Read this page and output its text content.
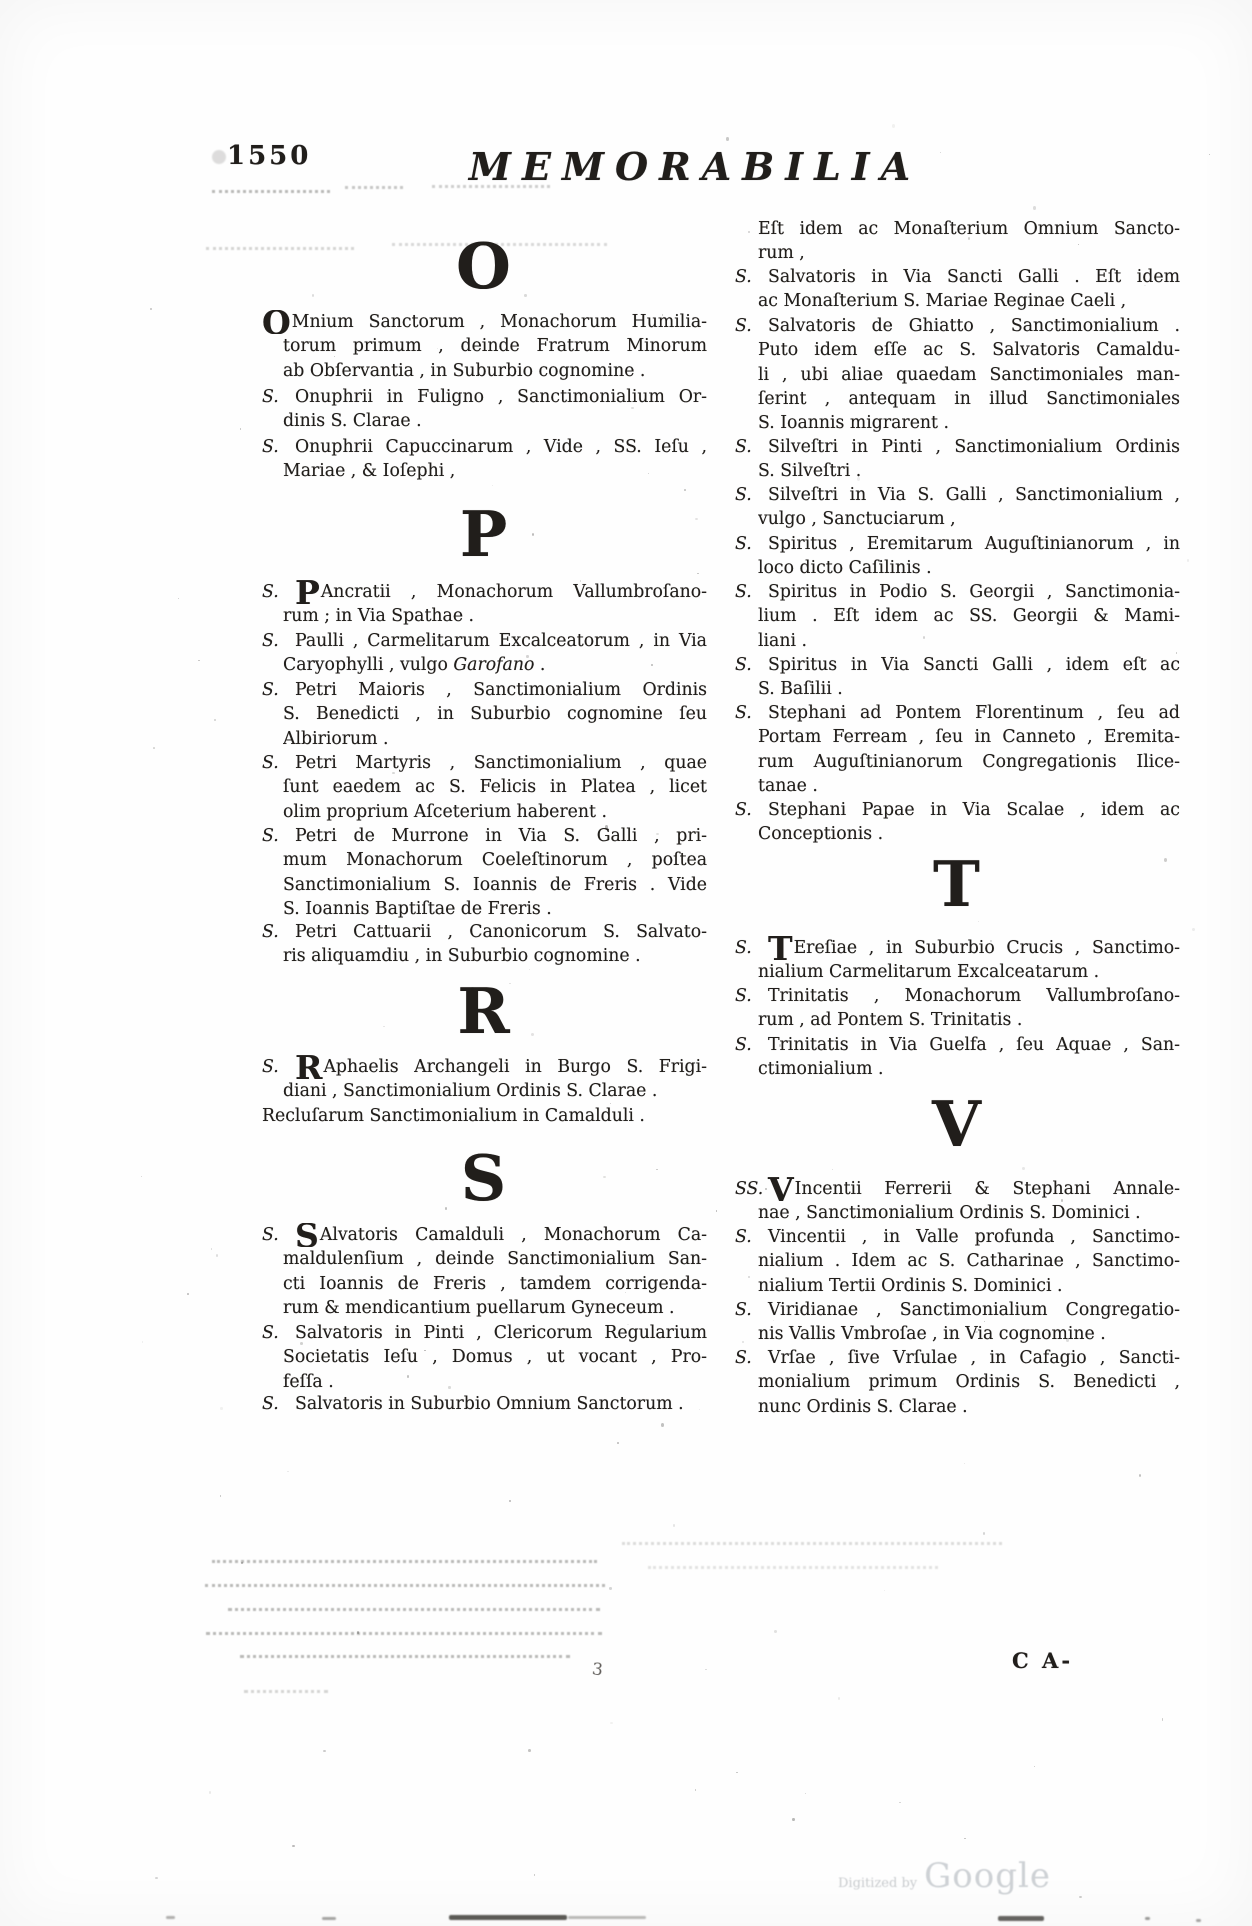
1550	MEMORABILIA
O
OMnium Sanctorum , Monachorum Humilia-
torum primum , deinde Fratrum Minorum
ab Obſervantia , in Suburbio cognomine .
S. Onuphrii in Fuligno , Sanctimonialium Or-
dinis S. Clarae .
S. Onuphrii Capuccinarum , Vide , SS. Ieſu ,
Mariae , & Ioſephi ,
P
S. PAncratii , Monachorum Vallumbroſano-
rum ; in Via Spathae .
S. Paulli , Carmelitarum Excalceatorum , in Via
Caryophylli , vulgo Garofano .
S. Petri Maioris , Sanctimonialium Ordinis
S. Benedicti , in Suburbio cognomine ſeu
Albiriorum .
S. Petri Martyris , Sanctimonialium , quae
ſunt eaedem ac S. Felicis in Platea , licet
olim proprium Aſceterium haberent .
S. Petri de Murrone in Via S. Galli , pri-
mum Monachorum Coeleſtinorum , poſtea
Sanctimonialium S. Ioannis de Freris . Vide
S. Ioannis Baptiſtae de Freris .
S. Petri Cattuarii , Canonicorum S. Salvato-
ris aliquamdiu , in Suburbio cognomine .
R
S. RAphaelis Archangeli in Burgo S. Frigi-
diani , Sanctimonialium Ordinis S. Clarae .
Recluſarum Sanctimonialium in Camalduli .
S
S. SAlvatoris Camalduli , Monachorum Ca-
maldulenſium , deinde Sanctimonialium San-
cti Ioannis de Freris , tamdem corrigenda-
rum & mendicantium puellarum Gyneceum .
S. Salvatoris in Pinti , Clericorum Regularium
Societatis Ieſu , Domus , ut vocant , Pro-
feſſa .
S. Salvatoris in Suburbio Omnium Sanctorum .
Eſt idem ac Monaſterium Omnium Sancto-
rum ,
S. Salvatoris in Via Sancti Galli . Eſt idem
ac Monaſterium S. Mariae Reginae Caeli ,
S. Salvatoris de Ghiatto , Sanctimonialium .
Puto idem eſſe ac S. Salvatoris Camaldu-
li , ubi aliae quaedam Sanctimoniales man-
ſerint , antequam in illud Sanctimoniales
S. Ioannis migrarent .
S. Silveſtri in Pinti , Sanctimonialium Ordinis
S. Silveſtri .
S. Silveſtri in Via S. Galli , Sanctimonialium ,
vulgo , Sanctuciarum ,
S. Spiritus , Eremitarum Auguſtinianorum , in
loco dicto Caſilinis .
S. Spiritus in Podio S. Georgii , Sanctimonia-
lium . Eſt idem ac SS. Georgii & Mami-
liani .
S. Spiritus in Via Sancti Galli , idem eſt ac
S. Baſilii .
S. Stephani ad Pontem Florentinum , ſeu ad
Portam Ferream , ſeu in Canneto , Eremita-
rum Auguſtinianorum Congregationis Ilice-
tanae .
S. Stephani Papae in Via Scalae , idem ac
Conceptionis .
T
S. TEreſiae , in Suburbio Crucis , Sanctimo-
nialium Carmelitarum Excalceatarum .
S. Trinitatis , Monachorum Vallumbroſano-
rum , ad Pontem S. Trinitatis .
S. Trinitatis in Via Guelfa , ſeu Aquae , San-
ctimonialium .
V
SS. VIncentii Ferrerii & Stephani Annale-
nae , Sanctimonialium Ordinis S. Dominici .
S. Vincentii , in Valle profunda , Sanctimo-
nialium . Idem ac S. Catharinae , Sanctimo-
nialium Tertii Ordinis S. Dominici .
S. Viridianae , Sanctimonialium Congregatio-
nis Vallis Vmbroſae , in Via cognomine .
S. Vrſae , ſive Vrſulae , in Cafagio , Sancti-
monialium primum Ordinis S. Benedicti ,
nunc Ordinis S. Clarae .
C A-
3
Digitized by Google
